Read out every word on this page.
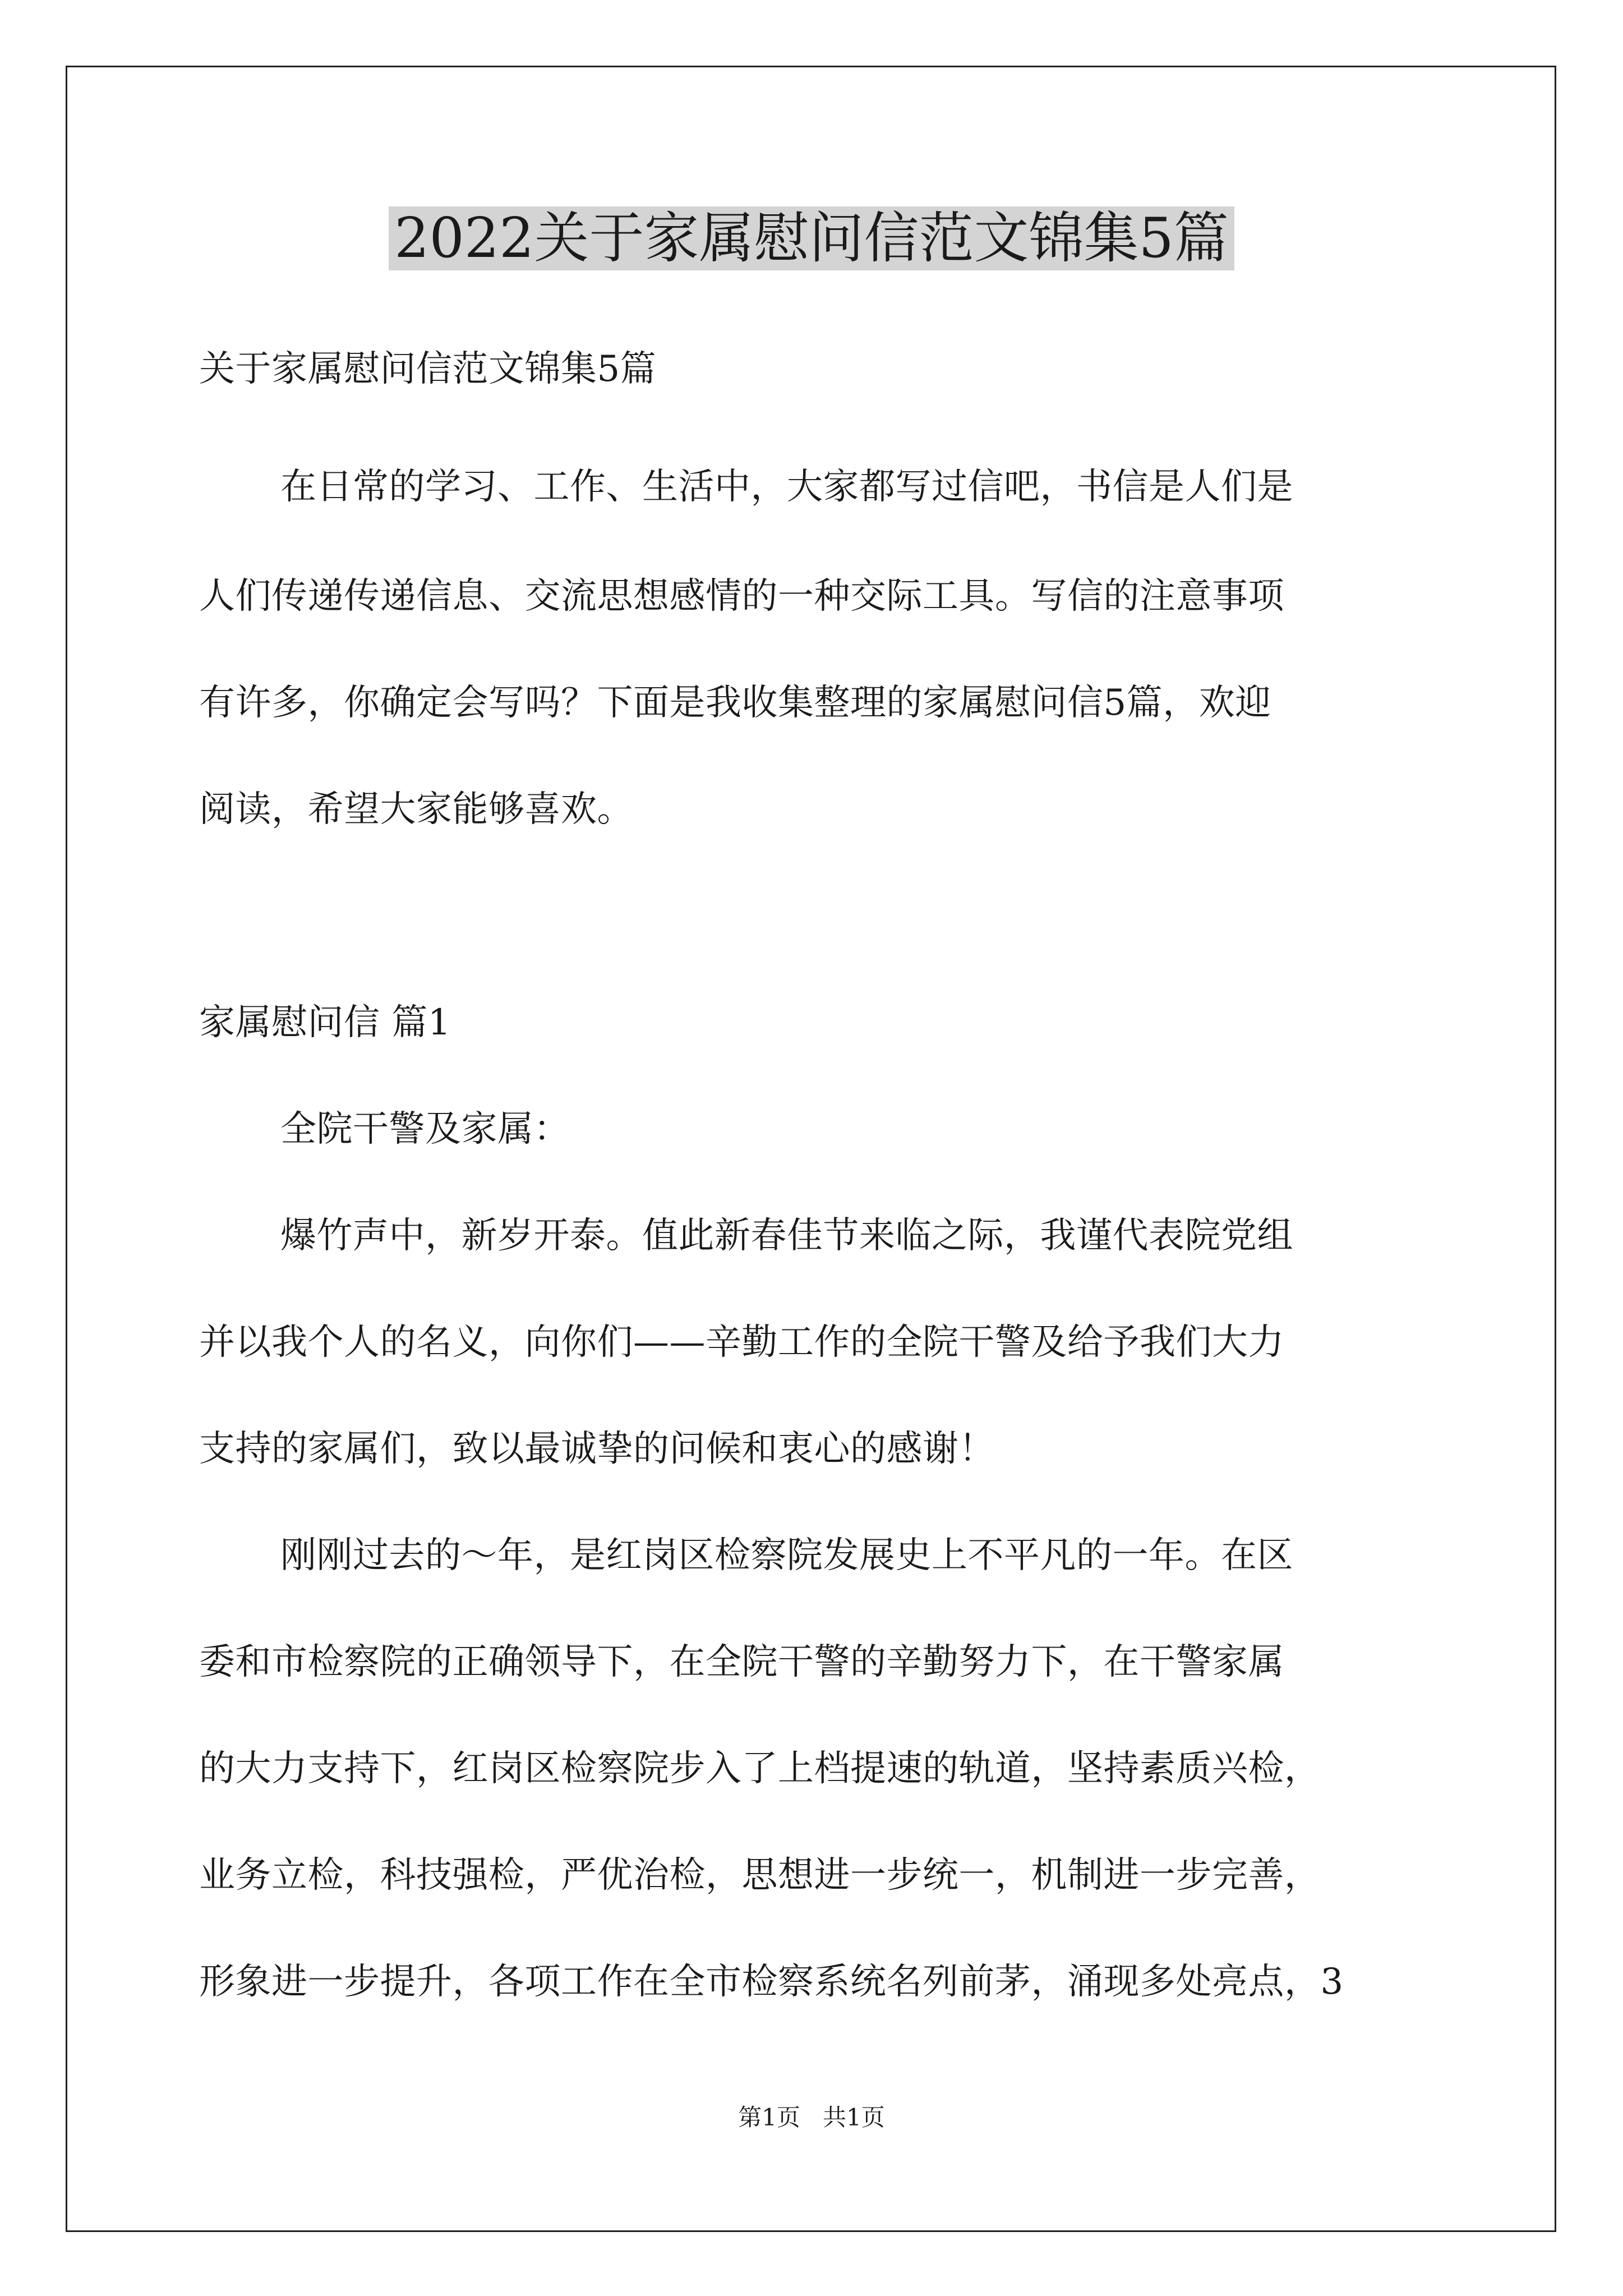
2022关于家属慰问信范文锦集5篇
关于家属慰问信范文锦集5篇
在日常的学习、工作、生活中，大家都写过信吧，书信是人们是
人们传递传递信息、交流思想感情的一种交际工具。写信的注意事项
有许多，你确定会写吗？下面是我收集整理的家属慰问信5篇，欢迎
阅读，希望大家能够喜欢。
家属慰问信 篇1
全院干警及家属：
爆竹声中，新岁开泰。值此新春佳节来临之际，我谨代表院党组
并以我个人的名义，向你们——辛勤工作的全院干警及给予我们大力
支持的家属们，致以最诚挚的问候和衷心的感谢！
刚刚过去的～年，是红岗区检察院发展史上不平凡的一年。在区
委和市检察院的正确领导下，在全院干警的辛勤努力下，在干警家属
的大力支持下，红岗区检察院步入了上档提速的轨道，坚持素质兴检，
业务立检，科技强检，严优治检，思想进一步统一，机制进一步完善，
形象进一步提升，各项工作在全市检察系统名列前茅，涌现多处亮点，3
第1页   共1页
